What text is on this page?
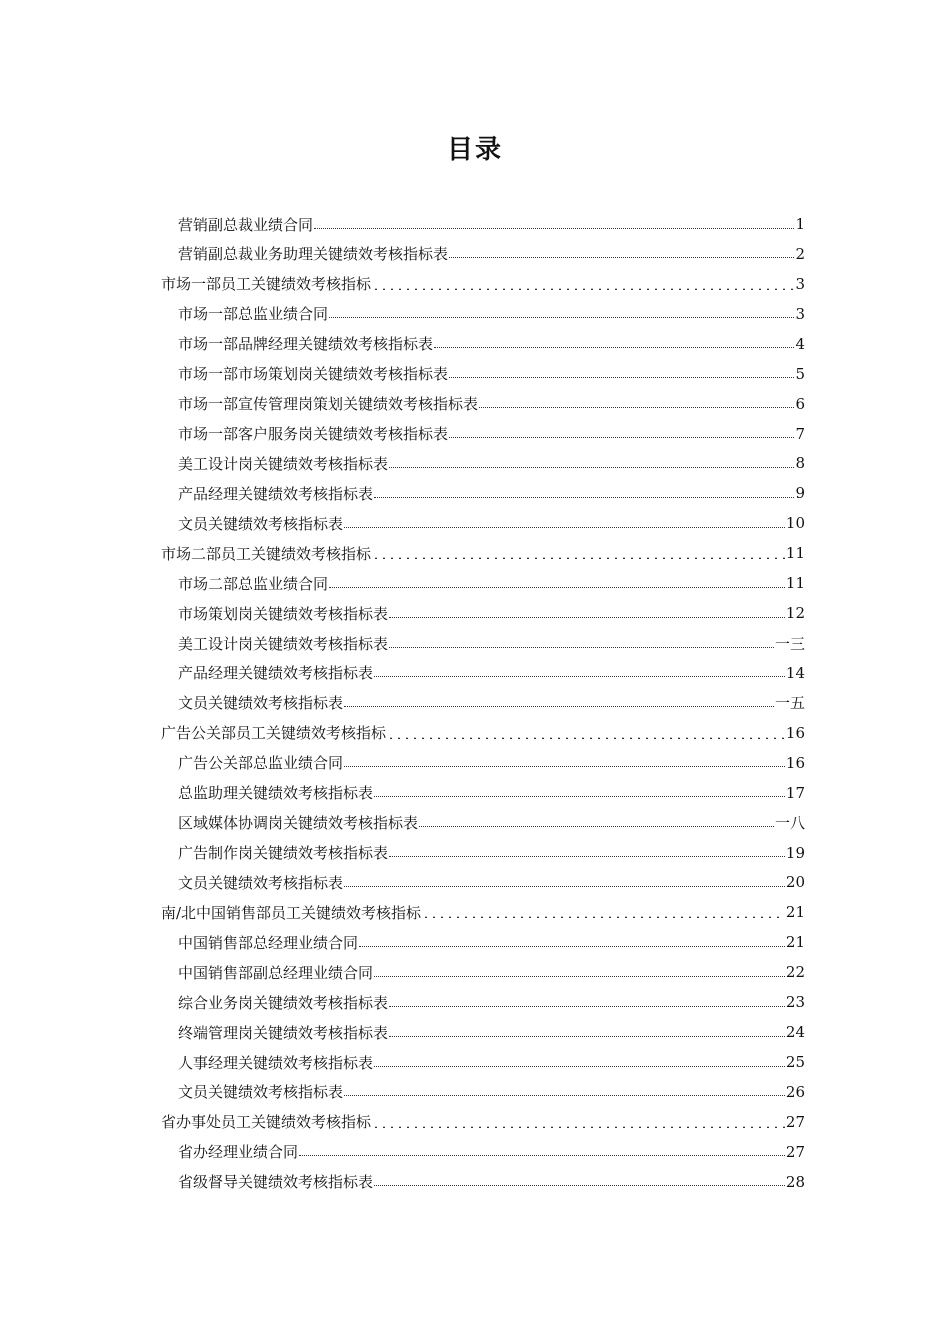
目录
营销副总裁业绩合同	1
营销副总裁业务助理关键绩效考核指标表	2
市场一部员工关键绩效考核指标	3
市场一部总监业绩合同	3
市场一部品牌经理关键绩效考核指标表	4
市场一部市场策划岗关键绩效考核指标表	5
市场一部宣传管理岗策划关键绩效考核指标表	6
市场一部客户服务岗关键绩效考核指标表	7
美工设计岗关键绩效考核指标表	8
产品经理关键绩效考核指标表	9
文员关键绩效考核指标表	10
市场二部员工关键绩效考核指标	11
市场二部总监业绩合同	11
市场策划岗关键绩效考核指标表	12
美工设计岗关键绩效考核指标表	一三
产品经理关键绩效考核指标表	14
文员关键绩效考核指标表	一五
广告公关部员工关键绩效考核指标	16
广告公关部总监业绩合同	16
总监助理关键绩效考核指标表	17
区域媒体协调岗关键绩效考核指标表	一八
广告制作岗关键绩效考核指标表	19
文员关键绩效考核指标表	20
南/北中国销售部员工关键绩效考核指标	21
中国销售部总经理业绩合同	21
中国销售部副总经理业绩合同	22
综合业务岗关键绩效考核指标表	23
终端管理岗关键绩效考核指标表	24
人事经理关键绩效考核指标表	25
文员关键绩效考核指标表	26
省办事处员工关键绩效考核指标	27
省办经理业绩合同	27
省级督导关键绩效考核指标表	28
